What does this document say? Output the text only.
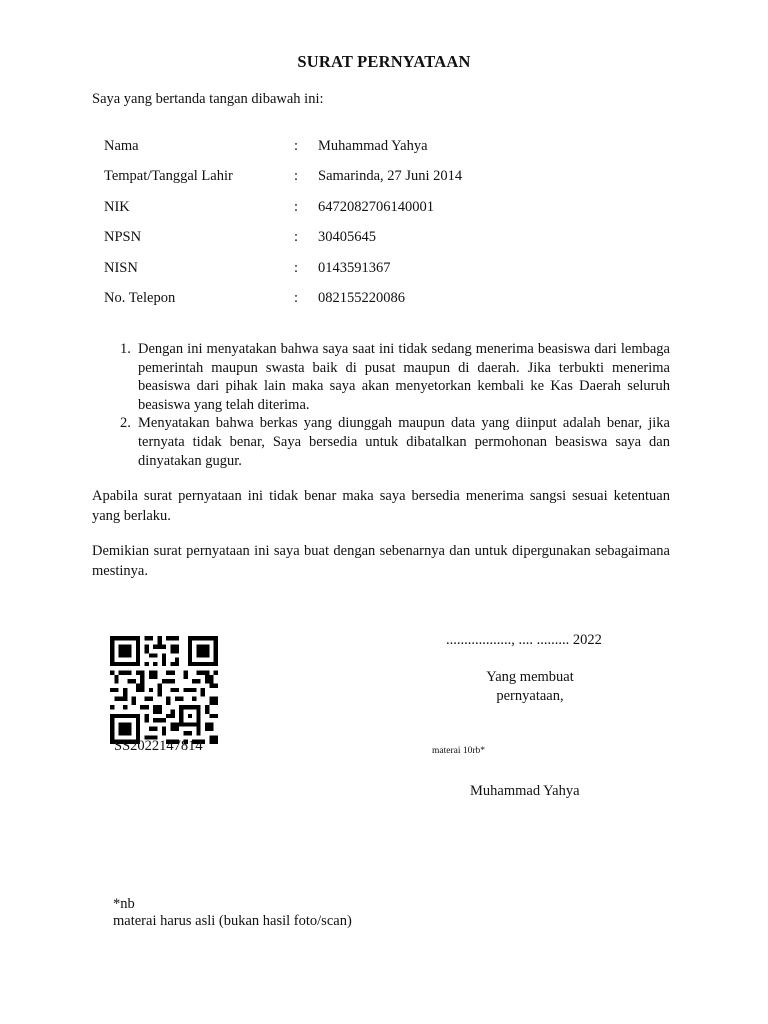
SURAT PERNYATAAN
Saya yang bertanda tangan dibawah ini:
Nama	: Muhammad Yahya
Tempat/Tanggal Lahir	: Samarinda, 27 Juni 2014
NIK	: 6472082706140001
NPSN	: 30405645
NISN	: 0143591367
No. Telepon	: 082155220086
1. Dengan ini menyatakan bahwa saya saat ini tidak sedang menerima beasiswa dari lembaga pemerintah maupun swasta baik di pusat maupun di daerah. Jika terbukti menerima beasiswa dari pihak lain maka saya akan menyetorkan kembali ke Kas Daerah seluruh beasiswa yang telah diterima.
2. Menyatakan bahwa berkas yang diunggah maupun data yang diinput adalah benar, jika ternyata tidak benar, Saya bersedia untuk dibatalkan permohonan beasiswa saya dan dinyatakan gugur.
Apabila surat pernyataan ini tidak benar maka saya bersedia menerima sangsi sesuai ketentuan yang berlaku.
Demikian surat pernyataan ini saya buat dengan sebenarnya dan untuk dipergunakan sebagaimana mestinya.
SS2022147814
.................., .... ......... 2022
Yang membuat
pernyataan,
materai 10rb*
Muhammad Yahya
*nb
materai harus asli (bukan hasil foto/scan)
